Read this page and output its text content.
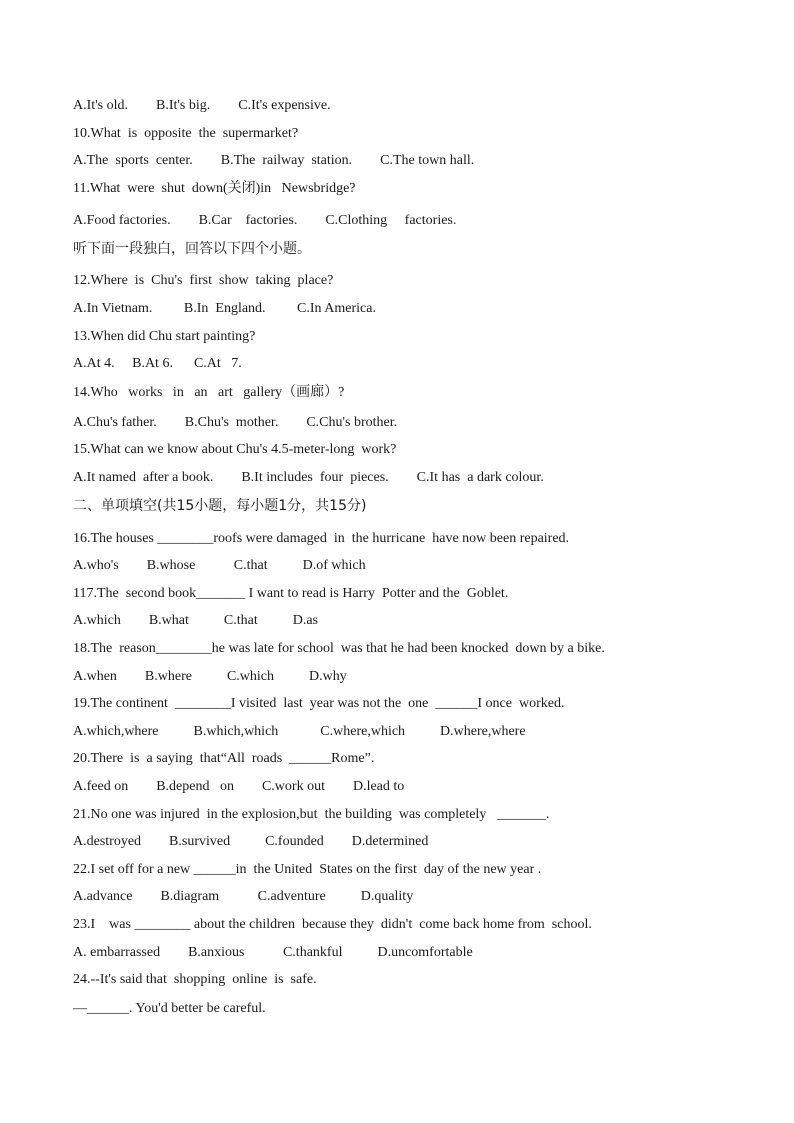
A.It's old.        B.It's big.        C.It's expensive.
10.What  is  opposite  the  supermarket?
A.The  sports  center.        B.The  railway  station.        C.The town hall.
11.What  were  shut  down(关闭)in   Newsbridge?
A.Food factories.        B.Car    factories.        C.Clothing     factories.
听下面一段独白，回答以下四个小题。
12.Where  is  Chu's  first  show  taking  place?
A.In Vietnam.         B.In  England.         C.In America.
13.When did Chu start painting?
A.At 4.     B.At 6.      C.At   7.
14.Who   works   in   an   art   gallery（画廊）?
A.Chu's father.        B.Chu's  mother.        C.Chu's brother.
15.What can we know about Chu's 4.5-meter-long  work?
A.It named  after a book.        B.It includes  four  pieces.        C.It has  a dark colour.
二、单项填空(共15小题，每小题1分，共15分)
16.The houses ________roofs were damaged  in  the hurricane  have now been repaired.
A.who's        B.whose           C.that          D.of which
117.The  second book_______ I want to read is Harry  Potter and the  Goblet.
A.which        B.what          C.that          D.as
18.The  reason________he was late for school  was that he had been knocked  down by a bike.
A.when        B.where          C.which          D.why
19.The continent  ________I visited  last  year was not the  one  ______I once  worked.
A.which,where          B.which,which            C.where,which          D.where,where
20.There  is  a saying  that“All  roads  ______Rome”.
A.feed on        B.depend   on        C.work out        D.lead to
21.No one was injured  in the explosion,but  the building  was completely   _______.
A.destroyed        B.survived          C.founded        D.determined
22.I set off for a new ______in  the United  States on the first  day of the new year .
A.advance        B.diagram           C.adventure          D.quality
23.I    was ________ about the children  because they  didn't  come back home from  school.
A. embarrassed        B.anxious           C.thankful          D.uncomfortable
24.--It's said that  shopping  online  is  safe.
—______. You'd better be careful.
